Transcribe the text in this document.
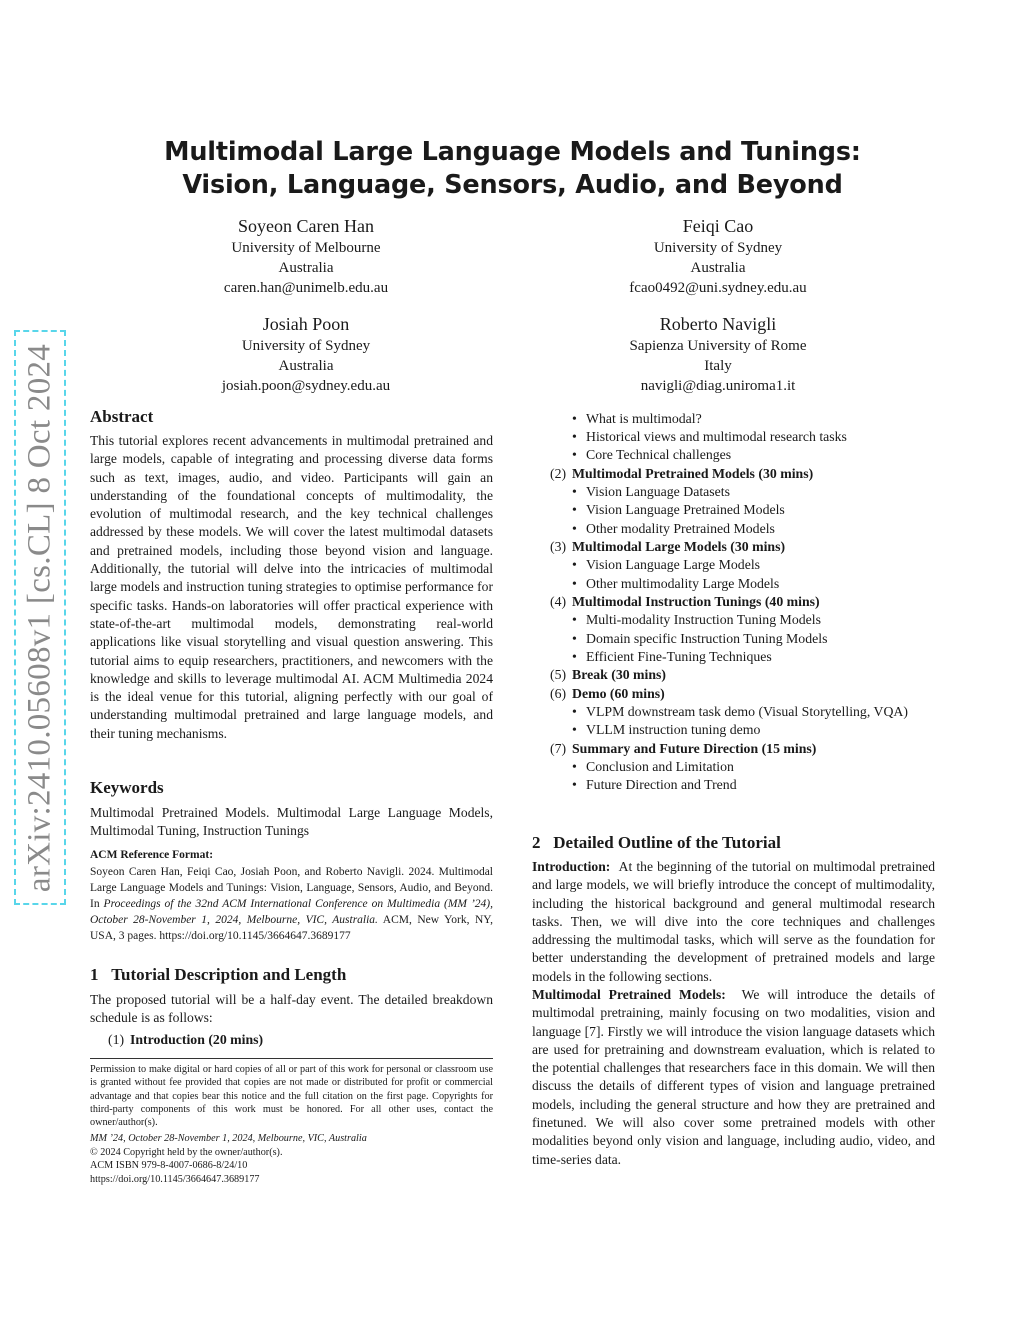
arXiv:2410.05608v1 [cs.CL] 8 Oct 2024
Multimodal Large Language Models and Tunings:
Vision, Language, Sensors, Audio, and Beyond
Soyeon Caren Han
University of Melbourne
Australia
caren.han@unimelb.edu.au
Feiqi Cao
University of Sydney
Australia
fcao0492@uni.sydney.edu.au
Josiah Poon
University of Sydney
Australia
josiah.poon@sydney.edu.au
Roberto Navigli
Sapienza University of Rome
Italy
navigli@diag.uniroma1.it
Abstract
This tutorial explores recent advancements in multimodal pretrained and large models, capable of integrating and processing diverse data forms such as text, images, audio, and video. Participants will gain an understanding of the foundational concepts of multimodality, the evolution of multimodal research, and the key technical challenges addressed by these models. We will cover the latest multimodal datasets and pretrained models, including those beyond vision and language. Additionally, the tutorial will delve into the intricacies of multimodal large models and instruction tuning strategies to optimise performance for specific tasks. Hands-on laboratories will offer practical experience with state-of-the-art multimodal models, demonstrating real-world applications like visual storytelling and visual question answering. This tutorial aims to equip researchers, practitioners, and newcomers with the knowledge and skills to leverage multimodal AI. ACM Multimedia 2024 is the ideal venue for this tutorial, aligning perfectly with our goal of understanding multimodal pretrained and large language models, and their tuning mechanisms.
Keywords
Multimodal Pretrained Models. Multimodal Large Language Models, Multimodal Tuning, Instruction Tunings
ACM Reference Format:
Soyeon Caren Han, Feiqi Cao, Josiah Poon, and Roberto Navigli. 2024. Multimodal Large Language Models and Tunings: Vision, Language, Sensors, Audio, and Beyond. In Proceedings of the 32nd ACM International Conference on Multimedia (MM ’24), October 28-November 1, 2024, Melbourne, VIC, Australia. ACM, New York, NY, USA, 3 pages. https://doi.org/10.1145/3664647.3689177
1 Tutorial Description and Length
The proposed tutorial will be a half-day event. The detailed breakdown schedule is as follows:
(1) Introduction (20 mins)
Permission to make digital or hard copies of all or part of this work for personal or classroom use is granted without fee provided that copies are not made or distributed for profit or commercial advantage and that copies bear this notice and the full citation on the first page. Copyrights for third-party components of this work must be honored. For all other uses, contact the owner/author(s).
MM ’24, October 28-November 1, 2024, Melbourne, VIC, Australia
© 2024 Copyright held by the owner/author(s).
ACM ISBN 979-8-4007-0686-8/24/10
https://doi.org/10.1145/3664647.3689177
• What is multimodal?
• Historical views and multimodal research tasks
• Core Technical challenges
(2) Multimodal Pretrained Models (30 mins)
• Vision Language Datasets
• Vision Language Pretrained Models
• Other modality Pretrained Models
(3) Multimodal Large Models (30 mins)
• Vision Language Large Models
• Other multimodality Large Models
(4) Multimodal Instruction Tunings (40 mins)
• Multi-modality Instruction Tuning Models
• Domain specific Instruction Tuning Models
• Efficient Fine-Tuning Techniques
(5) Break (30 mins)
(6) Demo (60 mins)
• VLPM downstream task demo (Visual Storytelling, VQA)
• VLLM instruction tuning demo
(7) Summary and Future Direction (15 mins)
• Conclusion and Limitation
• Future Direction and Trend
2 Detailed Outline of the Tutorial
Introduction: At the beginning of the tutorial on multimodal pretrained and large models, we will briefly introduce the concept of multimodality, including the historical background and general multimodal research tasks. Then, we will dive into the core techniques and challenges addressing the multimodal tasks, which will serve as the foundation for better understanding the development of pretrained models and large models in the following sections.
Multimodal Pretrained Models: We will introduce the details of multimodal pretraining, mainly focusing on two modalities, vision and language [7]. Firstly we will introduce the vision language datasets which are used for pretraining and downstream evaluation, which is related to the potential challenges that researchers face in this domain. We will then discuss the details of different types of vision and language pretrained models, including the general structure and how they are pretrained and finetuned. We will also cover some pretrained models with other modalities beyond only vision and language, including audio, video, and time-series data.
